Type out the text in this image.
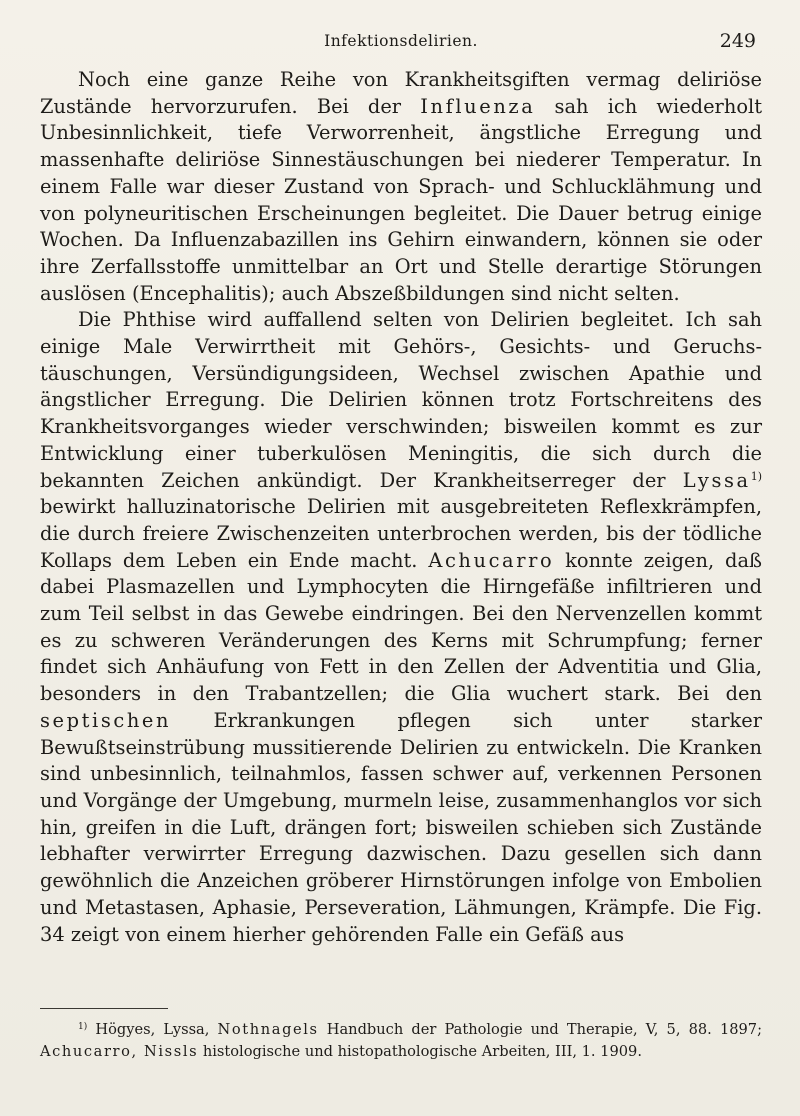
Infektionsdelirien.	249

Noch eine ganze Reihe von Krankheitsgiften vermag deliriöse Zustände hervorzurufen. Bei der Influenza sah ich wiederholt Unbesinnlichkeit, tiefe Verworrenheit, ängstliche Erregung und massenhafte deliriöse Sinnestäuschungen bei niederer Temperatur. In einem Falle war dieser Zustand von Sprach- und Schlucklähmung und von polyneuritischen Erscheinungen begleitet. Die Dauer betrug einige Wochen. Da Influenzabazillen ins Gehirn einwandern, können sie oder ihre Zerfallsstoffe unmittelbar an Ort und Stelle derartige Störungen auslösen (Encephalitis); auch Abszeßbildungen sind nicht selten.

Die Phthise wird auffallend selten von Delirien begleitet. Ich sah einige Male Verwirrtheit mit Gehörs-, Gesichts- und Geruchstäuschungen, Versündigungsideen, Wechsel zwischen Apathie und ängstlicher Erregung. Die Delirien können trotz Fortschreitens des Krankheitsvorganges wieder verschwinden; bisweilen kommt es zur Entwicklung einer tuberkulösen Meningitis, die sich durch die bekannten Zeichen ankündigt. Der Krankheitserreger der Lyssa$^{1)}$ bewirkt halluzinatorische Delirien mit ausgebreiteten Reflexkrämpfen, die durch freiere Zwischenzeiten unterbrochen werden, bis der tödliche Kollaps dem Leben ein Ende macht. Achucarro konnte zeigen, daß dabei Plasmazellen und Lymphocyten die Hirngefäße infiltrieren und zum Teil selbst in das Gewebe eindringen. Bei den Nervenzellen kommt es zu schweren Veränderungen des Kerns mit Schrumpfung; ferner findet sich Anhäufung von Fett in den Zellen der Adventitia und Glia, besonders in den Trabantzellen; die Glia wuchert stark. Bei den septischen Erkrankungen pflegen sich unter starker Bewußtseinstrübung mussitierende Delirien zu entwickeln. Die Kranken sind unbesinnlich, teilnahmlos, fassen schwer auf, verkennen Personen und Vorgänge der Umgebung, murmeln leise, zusammenhanglos vor sich hin, greifen in die Luft, drängen fort; bisweilen schieben sich Zustände lebhafter verwirrter Erregung dazwischen. Dazu gesellen sich dann gewöhnlich die Anzeichen gröberer Hirnstörungen infolge von Embolien und Metastasen, Aphasie, Perseveration, Lähmungen, Krämpfe. Die Fig. 34 zeigt von einem hierher gehörenden Falle ein Gefäß aus

$^{1)}$ Högyes, Lyssa, Nothnagels Handbuch der Pathologie und Therapie, V, 5, 88. 1897; Achucarro, Nissls histologische und histopathologische Arbeiten, III, 1. 1909.
